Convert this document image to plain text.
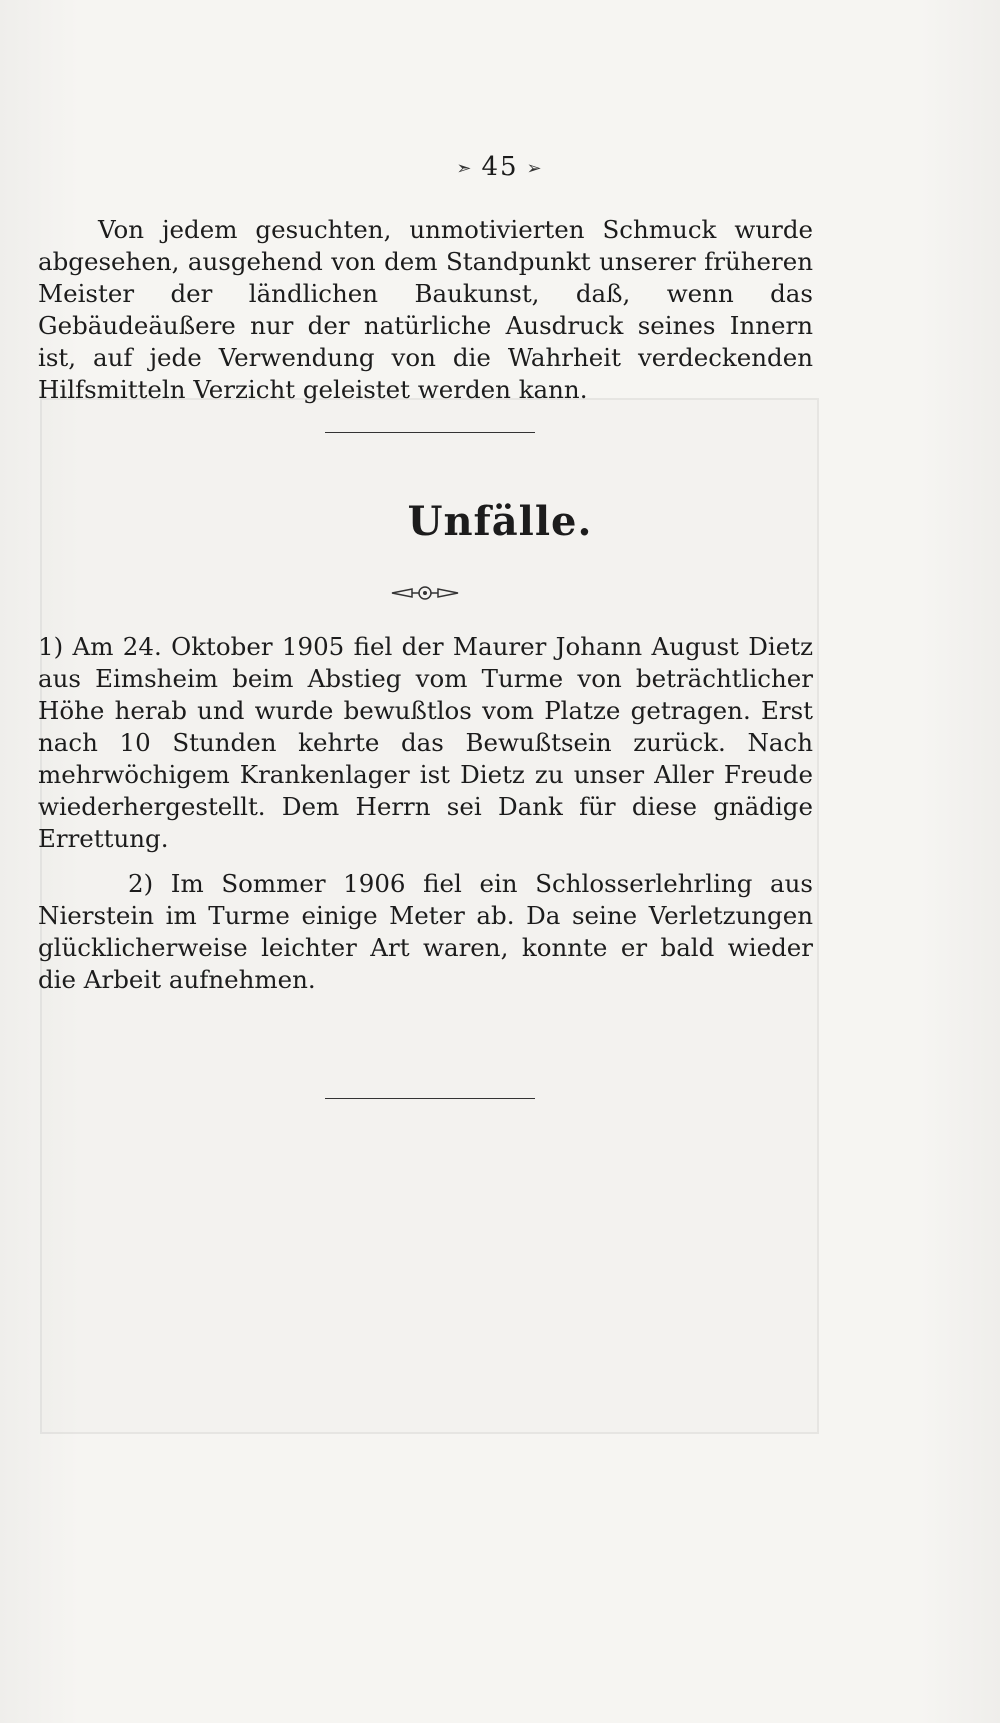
➣ 45 ➢
Von jedem gesuchten, unmotivierten Schmuck wurde abgesehen, ausgehend von dem Standpunkt unserer früheren Meister der ländlichen Baukunst, daß, wenn das Gebäudeäußere nur der natürliche Ausdruck seines Innern ist, auf jede Verwendung von die Wahrheit verdeckenden Hilfsmitteln Verzicht geleistet werden kann.
Unfälle.
1) Am 24. Oktober 1905 fiel der Maurer Johann August Dietz aus Eimsheim beim Abstieg vom Turme von beträchtlicher Höhe herab und wurde bewußtlos vom Platze getragen. Erst nach 10 Stunden kehrte das Bewußtsein zurück. Nach mehrwöchigem Krankenlager ist Dietz zu unser Aller Freude wiederhergestellt. Dem Herrn sei Dank für diese gnädige Errettung.
2) Im Sommer 1906 fiel ein Schlosserlehrling aus Nierstein im Turme einige Meter ab. Da seine Verletzungen glücklicherweise leichter Art waren, konnte er bald wieder die Arbeit aufnehmen.
